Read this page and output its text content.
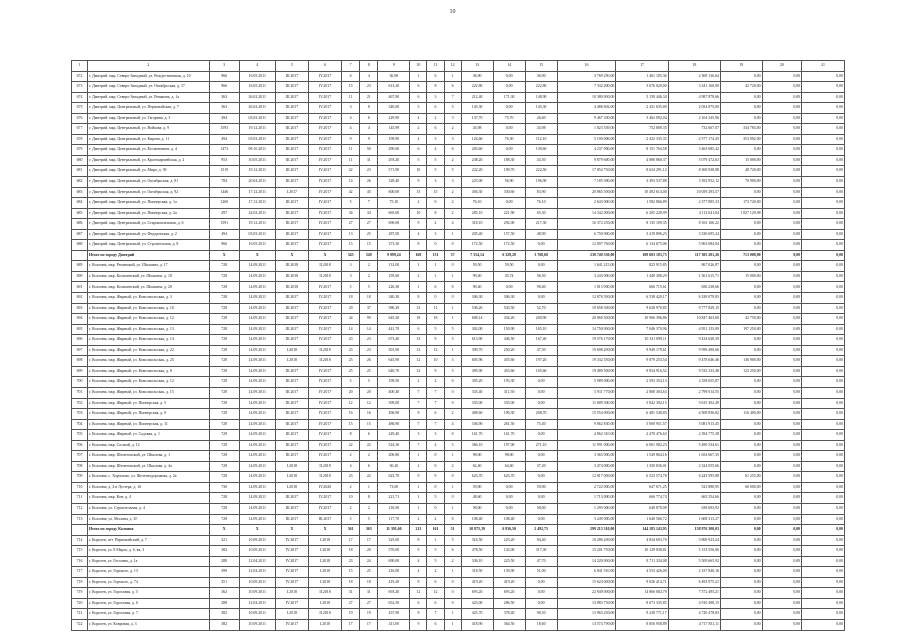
10
1	2	3	4	5	6	7	8	9	10	11	12	13	14	15	16	17	18	19	20	21
672	г. Дмитрий, мкр. Северо-Западный, ул. Рождественская, д. 10	966	16.05.2011	III.2017	IV.2017	6	4	36,90	1	6	1	36,90	0,00	36,90	3 769 250,00	1 461 105,36	2 308 136,64	0,00	0,00	0,00
673	г. Дмитрий, мкр. Северо-Западный, ул. Октябрьская, д. 17	966	16.05.2011	III.2017	IV.2017	15	23	613,20	6	8	6	222,80	0,00	222,80	7 332 200,00	3 676 020,00	3 341 160,00	42 720,00	0,00	0,00
674	г. Дмитрий, мкр. Северо-Западный, ул. Ревякина, д. 1а	363	26.02.2011	III.2017	IV.2017	11	21	467,80	6	3	7	212,40	171,30	148,90	10 380 000,00	5 158 446,34	4 987 878,66	0,00	0,00	0,00
675	г. Дмитрий, мкр. Центральный, ул. Первомайская, д. 7	363	26.02.2011	III.2017	IV.2017	3	8	340,00	5	6	5	145,30	0,00	145,30	4 486 602,00	2 431 635,00	2 054 875,00	0,00	0,00	0,00
676	г. Дмитрий, мкр. Центральный, ул. Гагарина, д. 3	494	03.03.2011	III.2017	IV.2017	4	6	229,90	4	2	3	137,70	75,70	26,60	9 467 330,00	3 462 092,04	2 104 545,96	0,00	0,00	0,00
677	г. Дмитрий, мкр. Центральный, ул. Войкова, д. 9	1593	19.12.2011	III.2017	IV.2017	4	4	145,99	2	6	2	43,98	0,00	43,98	1 823 339,00	752 808,35	732 667,07	334 783,00	0,00	0,00
678	г. Дмитрий, мкр. Центральный, ул. Кирова, д. 11	494	03.03.2011	III.2017	IV.2017	9	9	199,90	4	3	3	124,60	76,30	112,10	5 100 006,00	2 432 335,35	2 577 174,45	353 092,00	0,00	0,00
679	г. Дмитрий, мкр. Центральный, ул. Космонавтов, д. 4	1473	08.10.2011	III.2017	IV.2017	11	50	290,60	6	4	6	203,60	0,00	139,60	4 237 000,00	8 151 764,58	3 463 685,42	0,00	0,00	0,00
680	г. Дмитрий, мкр. Центральный, ул. Красноармейская, д. 2	953	10.05.2011	III.2017	IV.2017	11	31	293,20	5	5	2	248,20	188,30	43,50	9 879 600,00	4 086 860,37	5 079 472,63	15 000,00	0,00	0,00
681	г. Дмитрий, мкр. Центральный, ул. Мира, д. 39	1519	19.12.2011	III.2017	IV.2017	22	23	571,90	10	5	5	222,20	199,70	222,50	17 852 750,00	8 634 291,12	8 369 938,88	48 720,00	0,00	0,00
682	г. Дмитрий, мкр. Центральный, ул. Октябрьская, д. 81	784	20.04.2011	III.2017	IV.2017	14	26	328,40	9	3	3	223,00	56,90	196,90	7 185 390,00	3 493 537,88	3 392 952,12	70 900,00	0,00	0,00
683	г. Дмитрий, мкр. Центральный, ул. Октябрьская, д. 92	1446	17.12.2011	I.2017	IV.2017	42	45	600,00	15	15	2	456,30	330,60	83,90	20 865 500,00	10 492 614,00	10 059 293,57	0,00	0,00	0,00
684	г. Дмитрий, мкр. Центральный, ул. Пионерская, д. 1а	1260	17.12.2011	III.2017	IV.2017	5	7	75,10	2	0	2	76,10	0,00	76,10	2 643 000,00	1 582 866,89	2 377 885,33	173 720,00	0,00	0,00
685	г. Дмитрий, мкр. Центральный, ул. Пионерская, д. 2а	297	24.02.2011	III.2017	IV.2017	34	34	665,00	10	8	2	285,10	221,90	65,30	14 342 000,00	6 205 228,99	4 112 641,04	1 827 129,98	0,00	0,00
686	г. Дмитрий, мкр. Центральный, ул. Старовокзальная, д. 6	1591	19.12.2011	III.2017	IV.2017	27	27	696,00	9	2	4	318,10	292,00	217,30	16 372 250,00	8 135 109,35	8 163 166,22	0,00	0,00	0,00
687	г. Дмитрий, мкр. Центральный, ул. Федоровская, д. 2	494	03.03.2011	III.2017	IV.2017	13	25	287,00	4	3	1	205,40	157,50	48,90	6 750 000,00	3 419 806,25	3 330 695,24	0,00	0,00	0,00
688	г. Дмитрий, мкр. Центральный, ул. Строительная, д. 8	966	16.05.2011	III.2017	IV.2017	15	15	373,30	8	0	0	172,50	172,50	0,00	12 097 760,00	6 134 675,06	5 963 084,94	0,00	0,00	0,00
	Итого по городу Дмитрий	X	X	X	X	343	549	9 999,24	168	131	37	7 554,14	6 328,28	3 768,68	230 749 530,00	108 603 183,73	117 305 201,26	713 008,00	0,00	0,00
689	г. Коломна, мкр. Репинский, ул. Шилкина, д. 17	728	14.09.2011	III.2018	II.2018	3	2	131,00	1	1	0	59,50	59,50	0,00	1 641 215,00	825 915,85	867 026,87	0,00	0,00	0,00
690	г. Коломна, мкр. Колычевский, ул. Шилкина, д. 18	728	14.09.2011	III.2018	II.2018	3	2	195,60	2	1	1	99,40	45,74	56,50	3 243 000,00	1 440 308,29	1 561 615,71	15 000,00	0,00	0,00
691	г. Коломна, мкр. Колычевский, ул. Шилкина, д. 20	728	14.09.2011	III.2018	IV.2017	5	5	226,30	1	6	0	90,40	0,00	90,40	1 815 000,00	666 715,61	656 238,66	0,00	0,00	0,00
692	г. Коломна, мкр. Жирный, ул. Комсомольская, д. 3	728	14.09.2011	III.2017	IV.2017	18	18	340,30	8	0	0	306,30	306,30	0,00	12 876 500,00	6 538 420,17	6 338 079,83	0,00	0,00	0,00
693	г. Коломна, мкр. Жирный, ул. Комсомольская, д. 10	728	14.09.2011	III.2017	IV.2017	29	37	580,29	13	11	1	536,26	543,50	52,70	19 658 300,00	9 628 970,85	9 777 829,15	0,00	0,00	0,00
694	г. Коломна, мкр. Жирный, ул. Комсомольская, д. 12	728	14.09.2011	III.2017	IV.2017	44	99	645,20	18	18	1	608,14	434,26	200,90	20 860 500,00	10 966 396,86	10 847 463,00	42 750,00	0,00	0,00
695	г. Коломна, мкр. Жирный, ул. Комсомольская, д. 13	728	14.09.2011	III.2017	IV.2017	14	14	441,70	6	5	5	302,00	150,90	165,10	14 750 000,00	7 046 370,96	4 951 153,09	197 250,00	0,00	0,00
696	г. Коломна, мкр. Жирный, ул. Комсомольская, д. 14	728	14.09.2011	III.2017	IV.2017	23	23	673,40	13	9	5	613,90	446,50	167,40	19 576 170,00	10 331 099,11	9 434 638,39	0,00	0,00	0,00
697	г. Коломна, мкр. Жирный, ул. Комсомольская, д. 22	728	14.09.2011	I.2018	II.2018	23	23	501,90	12	12	1	399,70	250,20	47,50	19 698 200,00	9 949 179,61	9 599 490,66	0,00	0,00	0,00
698	г. Коломна, мкр. Жирный, ул. Комсомольская, д. 25	728	14.09.2011	I.2018	II.2018	25	26	645,90	12	10	3	605,96	455,60	197,20	19 332 550,00	9 879 253,54	9 478 646,46	136 900,00	0,00	0,00
699	г. Коломна, мкр. Жирный, ул. Комсомольская, д. 8	728	14.09.2011	III.2017	IV.2017	25	25	640,70	12	9	5	495,90	453,60	165,60	19 480 500,00	9 834 916,52	9 532 333,48	123 250,00	0,00	0,00
700	г. Коломна, мкр. Жирный, ул. Комсомольская, д. 12	728	14.09.2011	III.2017	IV.2017	5	5	199,50	2	2	0	305,20	193,30	0,00	5 089 000,00	2 593 354,13	2 358 655,87	0,00	0,00	0,00
701	г. Коломна, мкр. Жирный, ул. Комсомольская, д. 15	728	14.09.2011	III.2017	IV.2017	20	20	400,40	7	7	0	335,40	311,50	0,00	5 911 770,00	2 868 304,63	2 799 014,55	0,00	0,00	0,00
702	г. Коломна, мкр. Жирный, ул. Пионерская, д. 5	728	14.09.2011	III.2017	IV.2017	12	12	399,00	7	7	0	335,00	335,00	0,00	11 689 300,00	5 842 392,15	5 615 302,49	0,00	0,00	0,00
703	г. Коломна, мкр. Жирный, ул. Пионерская, д. 9	728	14.09.2011	III.2017	IV.2017	16	16	496,90	8	6	2	408,60	190,30	208,70	15 554 000,00	6 481 548,83	4 508 836,82	116 400,00	0,00	0,00
704	г. Коломна, мкр. Жирный, ул. Пионерская, д. 11	728	14.09.2011	III.2017	IV.2017	15	15	486,90	7	7	4	336,90	261,50	75,40	9 862 830,00	5 069 951,57	5 081 913,45	0,00	0,00	0,00
705	г. Коломна, мкр. Жирный, ул. Садовая, д. 1	728	14.09.2011	III.2017	IV.2017	8	6	249,40	3	3	0	161,70	161,70	0,00	4 862 310,00	2 470 476,63	2 394 775,38	0,00	0,00	0,00
706	г. Коломна, мкр. Сосный, д. 12	728	14.09.2011	III.2017	IV.2017	22	22	524,30	7	4	5	366,10	197,00	271,10	11 991 000,00	6 061 082,23	5 490 534,61	0,00	0,00	0,00
707	г. Коломна, мкр. Шеметовский, ул. Шкалова, д. 1	728	14.09.2011	III.2017	IV.2017	2	2	206,80	1	0	1	98,00	98,00	0,00	3 365 000,00	1 549 864,16	1 654 667,35	0,00	0,00	0,00
708	г. Коломна, мкр. Шеметовский, ул. Шкалова, д. 4а	728	14.09.2011	I.2018	II.2018	4	6	36,20	2	0	2	62,40	64,40	37,20	3 474 000,00	1 350 836,01	2 324 055,66	0,00	0,00	0,00
709	г. Коломна, с. Хорошово, ул. Железнодорожная, д. 2а	728	14.09.2011	I.2018	II.2018	23	22	623,70	9	9	0	623,70	623,70	0,00	12 817 000,00	6 523 574,78	6 243 595,88	61 255,00	0,00	0,00
710	г. Коломна, д. 4 в Лустера, д. 16	730	14.09.2011	I.2018	IV.2020	2	1	73,00	1	0	1	59,00	0,00	59,00	2 722 000,00	647 671,25	523 888,95	60 000,00	0,00	0,00
711	г. Коломна, мкр. Кон, д. 4	728	14.09.2011	III.2017	IV.2017	10	8	221,71	1	5	0	48,60	0,00	0,00	1 713 000,00	666 774,74	665 554,66	0,00	0,00	0,00
712	г. Коломна, ул. Строительная, д. 4	728	14.09.2011	III.2017	IV.2017	2	2	116,50	1	0	1	58,00	0,00	58,00	1 295 000,00	640 878,08	638 693,92	0,00	0,00	0,00
713	г. Коломна, ул. Москвы, д. 3Г	728	14.09.2011	III.2017	III.2017	5	5	117,70	2	2	0	108,40	108,40	0,00	3 249 000,00	1 640 566,72	1 608 313,27	0,00	0,00	0,00
	Итого по городу Коломна	X	X	X	X	361	363	11 391,60	213	161	51	20 875,39	6 936,50	2 492,75	299 213 310,00	144 183 143,95	138 976 300,03	0,00	0,00	0,00
714	г. Королев, пгт. Первомайский, д. 7	321	10.09.2011	IV.2017	I.2018	17	17	325,00	8	1	5	316,50	223,20	94,40	10 286 200,00	4 834 693,70	5 869 923,24	0,00	0,00	0,00
715	г. Королев, ул. 8 Марта, д. 6, кв. 3	382	10.09.2011	IV.2017	I.2018	18	20	576,00	9	5	6	478,50	143,00	317,30	15 201 750,00	10 129 838,81	5 153 556,06	0,00	0,00	0,00
716	г. Королев, ул. Гоголева, д. 1а	288	12.04.2011	IV.2017	I.2018	23	24	690,00	4	5	2	336,10	225,50	47,70	14 220 000,00	8 711 334,08	5 509 665,92	0,00	0,00	0,00
717	г. Королев, ул. Горького, д. 13	399	12.04.2011	IV.2017	I.2018	15	25	216,00	4	2	1	318,50	139,90	51,00	6 841 510,00	4 553 426,00	2 337 840,16	0,00	0,00	0,00
718	г. Королев, ул. Горького, д. 74	351	10.09.2011	IV.2017	I.2018	18	18	419,20	8	6	0	419,20	419,20	0,00	15 624 000,00	9 026 414,71	6 493 975,21	0,00	0,00	0,00
719	г. Королев, ул. Гороховая, д. 5	362	10.09.2011	I.2018	II.2018	31	31	693,20	12	12	0	693,20	693,20	0,00	22 949 000,00	14 866 002,79	7 572 495,21	0,00	0,00	0,00
720	г. Королев, ул. Гороховая, д. 6	288	12.04.2011	IV.2017	I.2018	27	27	652,50	6	6	0	423,00	286,50	0,00	13 883 750,00	8 673 335,85	4 910 498,15	0,00	0,00	0,00
721	г. Королев, ул. Гороховая, д. 7	382	10.09.2011	I.2018	II.2018	19	19	437,90	8	7	1	425,70	378,40	90,50	13 963 250,00	9 238 771,17	4 720 478,83	0,00	0,00	0,00
722	г. Королев, ул. Ковровая, д. 3	382	10.09.2011	IV.2017	I.2018	17	17	411,00	9	6	1	418,90	364,50	18,60	13 574 790,00	8 856 958,89	4 717 831,11	0,00	0,00	0,00
